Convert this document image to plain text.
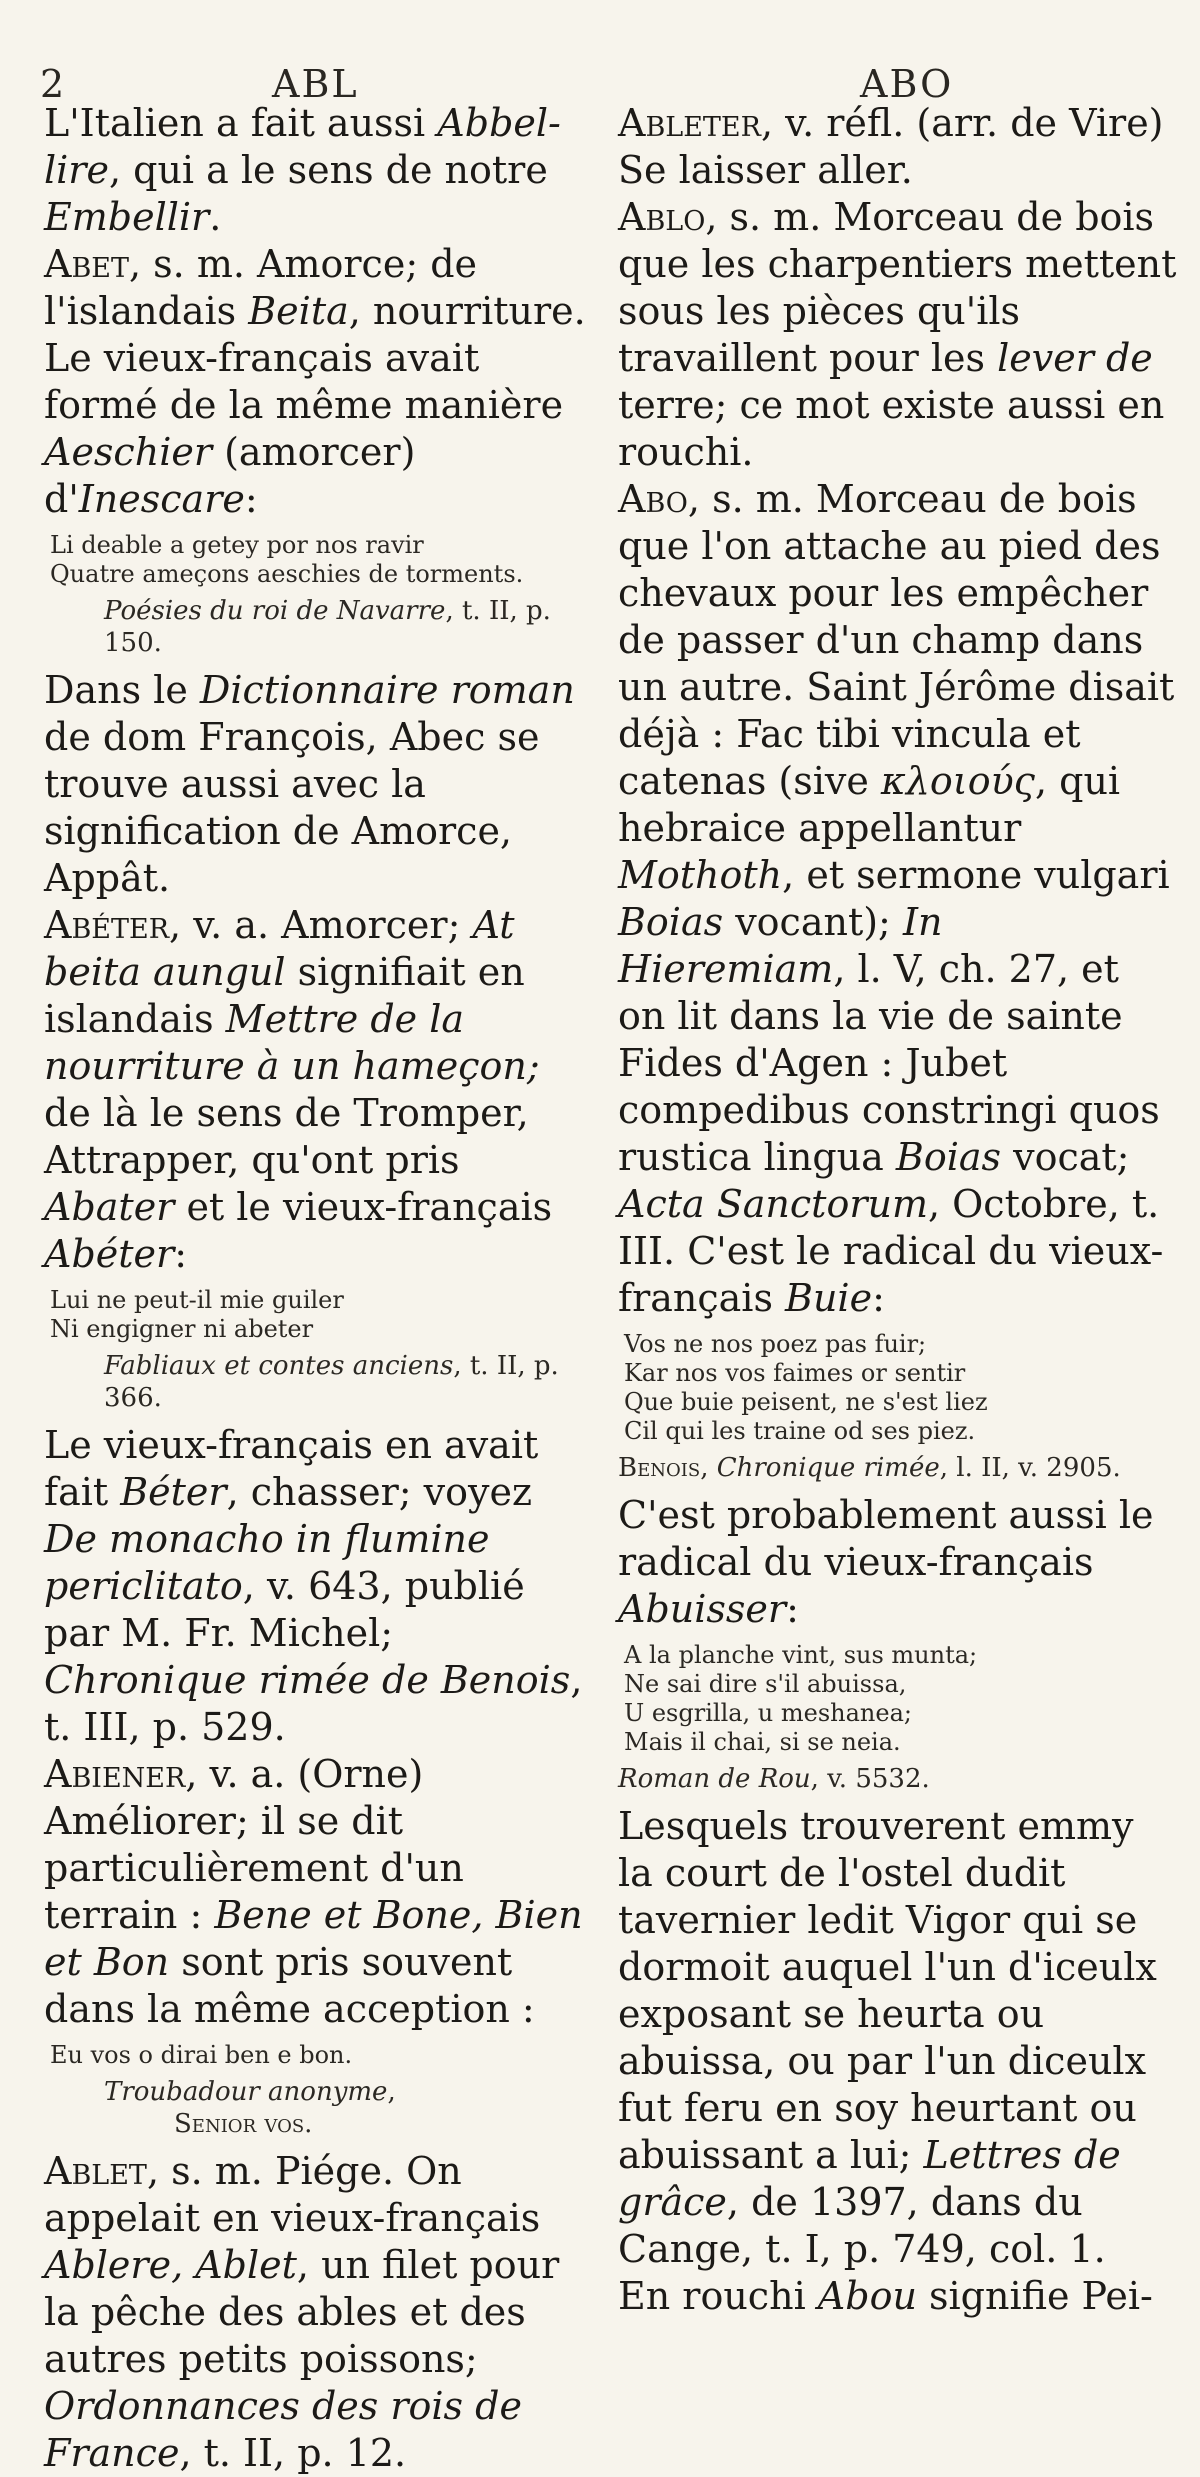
2	ABL	ABO

L'Italien a fait aussi Abbel-lire, qui a le sens de notre Embellir.

Abet, s. m. Amorce; de l'islandais Beita, nourriture.

Le vieux-français avait formé de la même manière Aeschier (amorcer) d'Inescare:

Li deable a getey por nos ravir
Quatre ameçons aeschies de torments.
Poésies du roi de Navarre, t. II, p. 150.

Dans le Dictionnaire roman de dom François, Abec se trouve aussi avec la signification de Amorce, Appât.

Abéter, v. a. Amorcer; At beita aungul signifiait en islandais Mettre de la nourriture à un hameçon; de là le sens de Tromper, Attrapper, qu'ont pris Abater et le vieux-français Abéter:

Lui ne peut-il mie guiler
Ni engigner ni abeter
Fabliaux et contes anciens, t. II, p. 366.

Le vieux-français en avait fait Béter, chasser; voyez De monacho in flumine periclitato, v. 643, publié par M. Fr. Michel; Chronique rimée de Benois, t. III, p. 529.

Abiener, v. a. (Orne) Améliorer; il se dit particulièrement d'un terrain : Bene et Bone, Bien et Bon sont pris souvent dans la même acception :

Eu vos o dirai ben e bon.
Troubadour anonyme,
Senior vos.

Ablet, s. m. Piége. On appelait en vieux-français Ablere, Ablet, un filet pour la pêche des ables et des autres petits poissons; Ordonnances des rois de France, t. II, p. 12.

Ableter, v. réfl. (arr. de Vire) Se laisser aller.

Ablo, s. m. Morceau de bois que les charpentiers mettent sous les pièces qu'ils travaillent pour les lever de terre; ce mot existe aussi en rouchi.

Abo, s. m. Morceau de bois que l'on attache au pied des chevaux pour les empêcher de passer d'un champ dans un autre. Saint Jérôme disait déjà : Fac tibi vincula et catenas (sive κλοιούς, qui hebraice appellantur Mothoth, et sermone vulgari Boias vocant); In Hieremiam, l. V, ch. 27, et on lit dans la vie de sainte Fides d'Agen : Jubet compedibus constringi quos rustica lingua Boias vocat; Acta Sanctorum, Octobre, t. III. C'est le radical du vieux-français Buie:

Vos ne nos poez pas fuir;
Kar nos vos faimes or sentir
Que buie peisent, ne s'est liez
Cil qui les traine od ses piez.
Benois, Chronique rimée, l. II, v. 2905.

C'est probablement aussi le radical du vieux-français Abuisser:

A la planche vint, sus munta;
Ne sai dire s'il abuissa,
U esgrilla, u meshanea;
Mais il chai, si se neia.
Roman de Rou, v. 5532.

Lesquels trouverent emmy la court de l'ostel dudit tavernier ledit Vigor qui se dormoit auquel l'un d'iceulx exposant se heurta ou abuissa, ou par l'un diceulx fut feru en soy heurtant ou abuissant a lui; Lettres de grâce, de 1397, dans du Cange, t. I, p. 749, col. 1.

En rouchi Abou signifie Pei-
